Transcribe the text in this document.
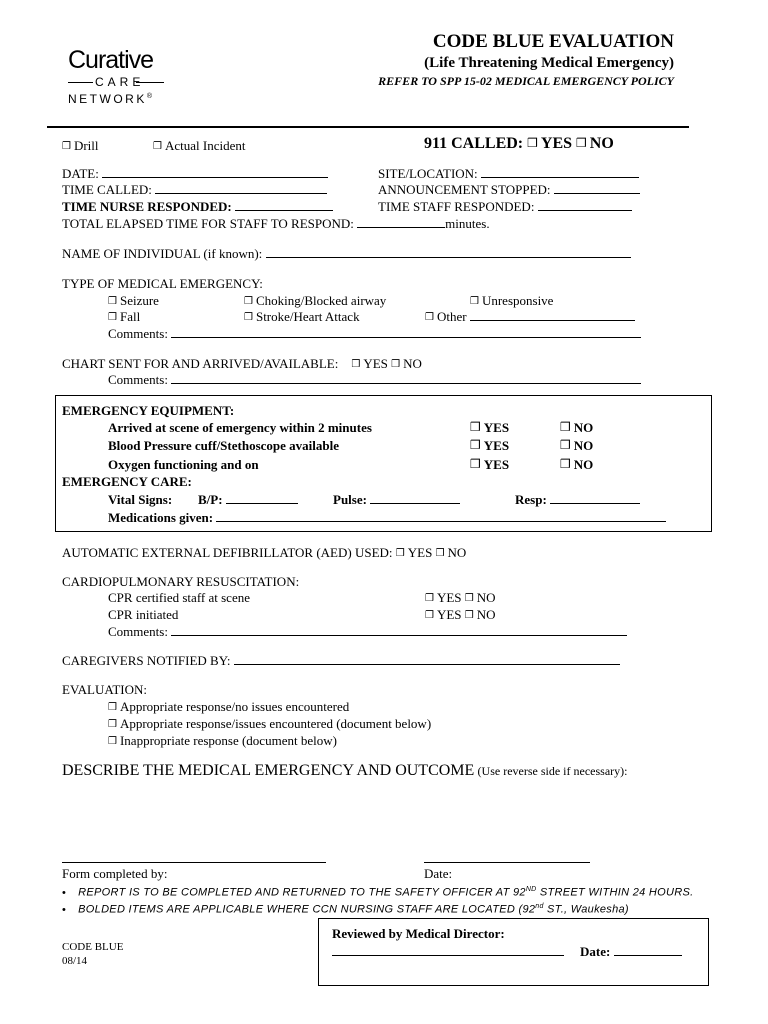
Curative
CARE
NETWORK®
CODE BLUE EVALUATION
(Life Threatening Medical Emergency)
REFER TO SPP 15-02 MEDICAL EMERGENCY POLICY
❒ Drill	❒ Actual Incident	911 CALLED: ❒ YES ❒ NO
DATE:	SITE/LOCATION:
TIME CALLED:	ANNOUNCEMENT STOPPED:
TIME NURSE RESPONDED:	TIME STAFF RESPONDED:
TOTAL ELAPSED TIME FOR STAFF TO RESPOND:	minutes.
NAME OF INDIVIDUAL (if known):
TYPE OF MEDICAL EMERGENCY:
❒ Seizure	❒ Choking/Blocked airway	❒ Unresponsive
❒ Fall	❒ Stroke/Heart Attack	❒ Other
Comments:
CHART SENT FOR AND ARRIVED/AVAILABLE: ❒ YES ❒ NO
Comments:
EMERGENCY EQUIPMENT:
Arrived at scene of emergency within 2 minutes	❒ YES	❒ NO
Blood Pressure cuff/Stethoscope available	❒ YES	❒ NO
Oxygen functioning and on	❒ YES	❒ NO
EMERGENCY CARE:
Vital Signs: B/P:	Pulse:	Resp:
Medications given:
AUTOMATIC EXTERNAL DEFIBRILLATOR (AED) USED: ❒ YES ❒ NO
CARDIOPULMONARY RESUSCITATION:
CPR certified staff at scene	❒ YES ❒ NO
CPR initiated	❒ YES ❒ NO
Comments:
CAREGIVERS NOTIFIED BY:
EVALUATION:
❒ Appropriate response/no issues encountered
❒ Appropriate response/issues encountered (document below)
❒ Inappropriate response (document below)
DESCRIBE THE MEDICAL EMERGENCY AND OUTCOME (Use reverse side if necessary):
Form completed by:	Date:
• REPORT IS TO BE COMPLETED AND RETURNED TO THE SAFETY OFFICER AT 92ND STREET WITHIN 24 HOURS.
• BOLDED ITEMS ARE APPLICABLE WHERE CCN NURSING STAFF ARE LOCATED (92nd ST., Waukesha)
Reviewed by Medical Director:
Date:
CODE BLUE
08/14
